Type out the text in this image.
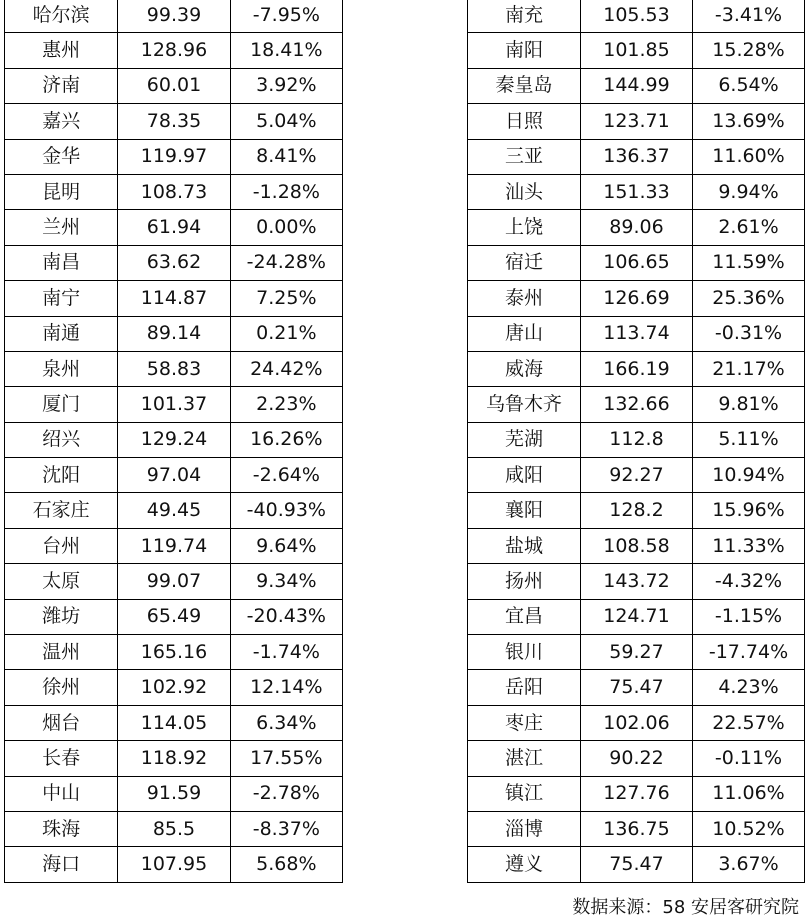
哈尔滨	99.39	-7.95%
惠州	128.96	18.41%
济南	60.01	3.92%
嘉兴	78.35	5.04%
金华	119.97	8.41%
昆明	108.73	-1.28%
兰州	61.94	0.00%
南昌	63.62	-24.28%
南宁	114.87	7.25%
南通	89.14	0.21%
泉州	58.83	24.42%
厦门	101.37	2.23%
绍兴	129.24	16.26%
沈阳	97.04	-2.64%
石家庄	49.45	-40.93%
台州	119.74	9.64%
太原	99.07	9.34%
潍坊	65.49	-20.43%
温州	165.16	-1.74%
徐州	102.92	12.14%
烟台	114.05	6.34%
长春	118.92	17.55%
中山	91.59	-2.78%
珠海	85.5	-8.37%
海口	107.95	5.68%
南充	105.53	-3.41%
南阳	101.85	15.28%
秦皇岛	144.99	6.54%
日照	123.71	13.69%
三亚	136.37	11.60%
汕头	151.33	9.94%
上饶	89.06	2.61%
宿迁	106.65	11.59%
泰州	126.69	25.36%
唐山	113.74	-0.31%
威海	166.19	21.17%
乌鲁木齐	132.66	9.81%
芜湖	112.8	5.11%
咸阳	92.27	10.94%
襄阳	128.2	15.96%
盐城	108.58	11.33%
扬州	143.72	-4.32%
宜昌	124.71	-1.15%
银川	59.27	-17.74%
岳阳	75.47	4.23%
枣庄	102.06	22.57%
湛江	90.22	-0.11%
镇江	127.76	11.06%
淄博	136.75	10.52%
遵义	75.47	3.67%
数据来源：58 安居客研究院
